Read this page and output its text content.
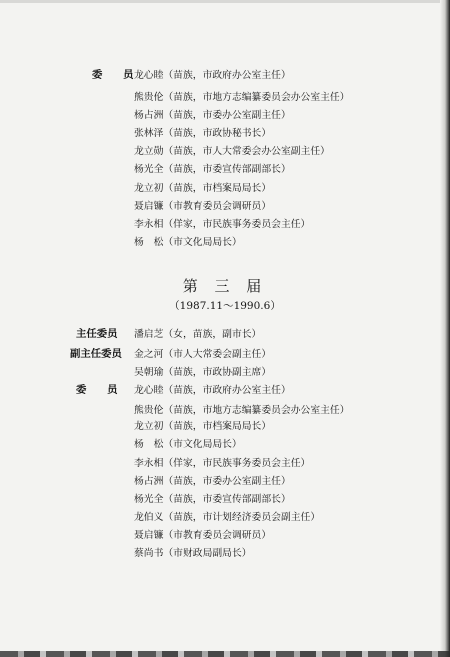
委　　员 龙心睦（苗族，市政府办公室主任）
熊贵伦（苗族，市地方志编纂委员会办公室主任）
杨占洲（苗族，市委办公室副主任）
张林泽（苗族，市政协秘书长）
龙立勋（苗族，市人大常委会办公室副主任）
杨光全（苗族，市委宣传部副部长）
龙立初（苗族，市档案局局长）
聂启镰（市教育委员会调研员）
李永相（佯家，市民族事务委员会主任）
杨　松（市文化局局长）
第 三 届
（1987.11～1990.6）
主任委员 潘启芝（女，苗族，副市长）
副主任委员 金之河（市人大常委会副主任）
吴朝瑜（苗族，市政协副主席）
委　　员 龙心睦（苗族，市政府办公室主任）
熊贵伦（苗族，市地方志编纂委员会办公室主任）
龙立初（苗族，市档案局局长）
杨　松（市文化局局长）
李永相（佯家，市民族事务委员会主任）
杨占洲（苗族，市委办公室副主任）
杨光全（苗族，市委宣传部副部长）
龙伯义（苗族，市计划经济委员会副主任）
聂启镰（市教育委员会调研员）
蔡尚书（市财政局副局长）
